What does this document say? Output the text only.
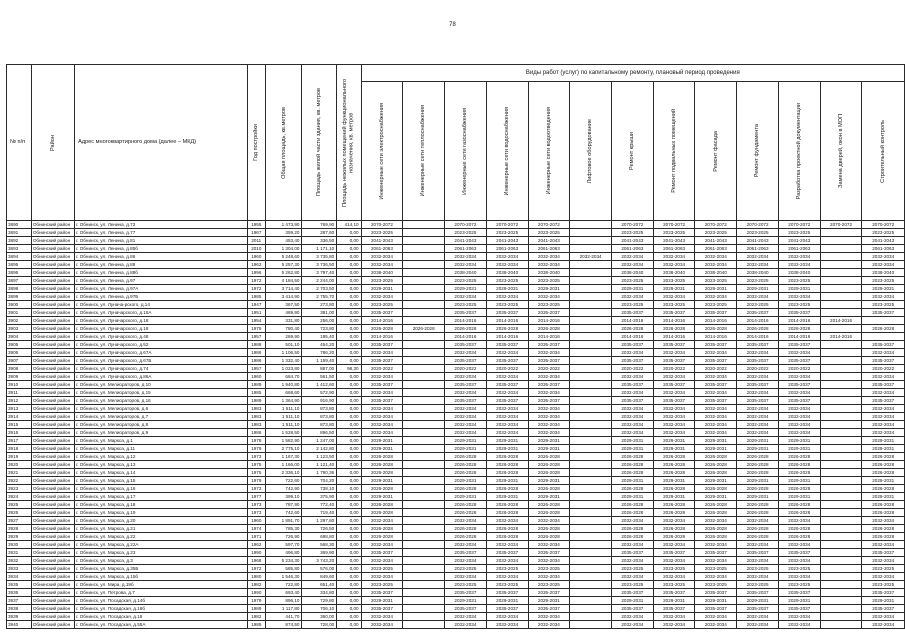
78
№ п/п	Район	Адрес многоквартирного дома (далее – МКД)	Год постройки	Общая площадь, кв.метров	Площадь жилой части здания, кв. метров	Площадь нежилых помещений функционального назначения, кв. метров	Виды работ (услуг) по капитальному ремонту, плановый период проведения												

							Инженерные сети электроснабжения	Инженерные сети теплоснабжения	Инженерные сети газоснабжения	Инженерные сети водоснабжения	Инженерные сети водоотведения	Лифтовое оборудование	Ремонт крыши	Ремонт подвальных помещений	Ремонт фасада	Ремонт фундамента	Разработка проектной документации	Замена дверей, окон в МОП	Строительный контроль

3890	Обнинский район	г. Обнинск, ул. Ленина, д.73	1955	1 473,90	769,90	414,10	2070-2072		2070-2072	2070-2072	2070-2072		2070-2072	2070-2072	2070-2072	2070-2072	2070-2072	2070-2072	2070-2072
3891	Обнинский район	г. Обнинск, ул. Ленина, д.77	1967	359,20	287,60	0,00	2023-2025		2023-2025	2023-2025	2023-2025		2023-2025	2023-2025	2023-2025	2023-2025	2023-2025		2023-2025
3892	Обнинский район	г. Обнинск, ул. Ленина, д.81	2011	453,40	336,50	0,00	2041-2043		2041-2043	2041-2043	2041-2043		2041-2043	2041-2043	2041-2043	2041-2043	2041-2043		2041-2043
3893	Обнинский район	г. Обнинск, ул. Ленина, д.85б	2010	1 304,00	1 171,10	0,00	2061-2063		2061-2063	2061-2063	2061-2063		2061-2063	2061-2063	2061-2063	2061-2063	2061-2063		2061-2063
3894	Обнинский район	г. Обнинск, ул. Ленина, д.86	1960	5 248,60	3 735,80	0,00	2032-2034		2032-2034	2032-2034	2032-2034	2032-2034	2032-2034	2032-2034	2032-2034	2032-2034	2032-2034		2032-2034
3895	Обнинский район	г. Обнинск, ул. Ленина, д.88	1962	5 257,30	3 736,50	0,00	2032-2034		2032-2034	2032-2034	2032-2034		2032-2034	2032-2034	2032-2034	2032-2034	2032-2034		2032-2034
3896	Обнинский район	г. Обнинск, ул. Ленина, д.88б	1996	5 262,80	3 797,40	0,00	2038-2040		2038-2040	2038-2040	2038-2040		2038-2040	2038-2040	2038-2040	2038-2040	2038-2040		2038-2040
3897	Обнинский район	г. Обнинск, ул. Ленина, д.97	1972	4 184,50	2 244,00	0,00	2023-2025		2023-2025	2023-2025	2023-2025		2023-2025	2023-2025	2023-2025	2023-2025	2023-2025		2023-2025
3898	Обнинский район	г. Обнинск, ул. Ленина, д.97А	1972	3 714,40	2 703,50	0,00	2029-2031		2029-2031	2029-2031	2029-2031		2029-2031	2029-2031	2029-2031	2029-2031	2029-2031		2029-2031
3899	Обнинский район	г. Обнинск, ул. Ленина, д.97Б	1985	3 414,90	2 755,70	0,00	2032-2034		2032-2034	2032-2034	2032-2034		2032-2034	2032-2034	2032-2034	2032-2034	2032-2034		2032-2034
3900	Обнинский район	г. Обнинск, ул. Лунача-рского, д.14	1947	367,50	273,80	0,00	2023-2025		2023-2025	2023-2025	2023-2025		2023-2025	2023-2025	2023-2025	2023-2025	2023-2025		2023-2025
3901	Обнинский район	г. Обнинск, ул. Луначарского, д.15А	1951	469,90	381,00	0,00	2035-2037		2035-2037	2035-2037	2035-2037		2035-2037	2035-2037	2035-2037	2035-2037	2035-2037		2035-2037
3902	Обнинский район	г. Обнинск, ул. Луначарского, д.18	1954	331,80	256,00	0,00	2014-2016		2014-2016	2014-2016	2014-2016		2014-2016	2014-2016	2014-2016	2014-2016	2014-2016	2014-2016	
3903	Обнинский район	г. Обнинск, ул. Луначарского, д.18	1975	780,40	723,80	0,00	2026-2028	2026-2028	2026-2028	2026-2028	2026-2028		2026-2028	2026-2028	2026-2028	2026-2028	2026-2028		2026-2028
3904	Обнинский район	г. Обнинск, ул. Луначарского, д.48	1957	269,90	195,40	0,00	2014-2016		2014-2016	2014-2016	2014-2016		2014-2016	2014-2016	2014-2016	2014-2016	2014-2016	2014-2016	
3905	Обнинский район	г. Обнинск, ул. Луначарского, д.52	1988	501,10	454,20	0,00	2035-2037		2035-2037	2035-2037	2035-2037		2035-2037	2035-2037	2035-2037	2035-2037	2035-2037		2035-2037
3906	Обнинский район	г. Обнинск, ул. Луначарского, д.67А	1986	1 106,50	786,20	0,00	2032-2034		2032-2034	2032-2034	2032-2034		2032-2034	2032-2034	2032-2034	2032-2034	2032-2034		2032-2034
3907	Обнинский район	г. Обнинск, ул. Луначарского, д.67Б	1986	1 332,40	1 159,40	0,00	2035-2037		2035-2037	2035-2037	2035-2037		2035-2037	2035-2037	2035-2037	2035-2037	2035-2037		2035-2037
3908	Обнинский район	г. Обнинск, ул. Луначарского, д.74	1957	1 023,80	887,00	98,30	2020-2022		2020-2022	2020-2022	2020-2022		2020-2022	2020-2022	2020-2022	2020-2022	2020-2022		2020-2022
3909	Обнинский район	г. Обнинск, ул. Луначарского, д.86А	1960	684,70	561,50	0,00	2032-2034		2032-2034	2032-2034	2032-2034		2032-2034	2032-2034	2032-2034	2032-2034	2032-2034		2032-2034
3910	Обнинский район	г. Обнинск, ул. Мелиораторов, д.10	1989	1 940,80	1 412,60	0,00	2035-2037		2035-2037	2035-2037	2035-2037		2035-2037	2035-2037	2035-2037	2035-2037	2035-2037		2035-2037
3911	Обнинский район	г. Обнинск, ул. Мелиораторов, д.15	1985	668,60	572,90	0,00	2032-2034		2032-2034	2032-2034	2032-2034		2032-2034	2032-2034	2032-2034	2032-2034	2032-2034		2032-2034
3912	Обнинский район	г. Обнинск, ул. Мелиораторов, д.16	1989	1 364,90	916,90	0,00	2035-2037		2035-2037	2035-2037	2035-2037		2035-2037	2035-2037	2035-2037	2035-2037	2035-2037		2035-2037
3913	Обнинский район	г. Обнинск, ул. Мелиораторов, д.6	1983	1 511,10	873,80	0,00	2032-2034		2032-2034	2032-2034	2032-2034		2032-2034	2032-2034	2032-2034	2032-2034	2032-2034		2032-2034
3914	Обнинский район	г. Обнинск, ул. Мелиораторов, д.7	1983	1 511,10	873,80	0,00	2032-2034		2032-2034	2032-2034	2032-2034		2032-2034	2032-2034	2032-2034	2032-2034	2032-2034		2032-2034
3915	Обнинский район	г. Обнинск, ул. Мелиораторов, д.8	1983	1 511,10	873,80	0,00	2032-2034		2032-2034	2032-2034	2032-2034		2032-2034	2032-2034	2032-2034	2032-2034	2032-2034		2032-2034
3916	Обнинский район	г. Обнинск, ул. Мелиораторов, д.9	1986	1 528,50	896,50	0,00	2032-2034		2032-2034	2032-2034	2032-2034		2032-2034	2032-2034	2032-2034	2032-2034	2032-2034		2032-2034
3917	Обнинский район	г. Обнинск, ул. Маркса, д.1	1978	1 582,90	1 247,00	0,00	2029-2031		2029-2031	2029-2031	2029-2031		2029-2031	2029-2031	2029-2031	2029-2031	2029-2031		2029-2031
3918	Обнинский район	г. Обнинск, ул. Маркса, д.11	1979	2 775,10	2 142,80	0,00	2029-2031		2029-2031	2029-2031	2029-2031		2029-2031	2029-2031	2029-2031	2029-2031	2029-2031		2029-2031
3919	Обнинский район	г. Обнинск, ул. Маркса, д.12	1973	1 167,30	1 123,50	0,00	2026-2028		2026-2028	2026-2028	2026-2028		2026-2028	2026-2028	2026-2028	2026-2028	2026-2028		2026-2028
3920	Обнинский район	г. Обнинск, ул. Маркса, д.13	1975	1 166,00	1 121,40	0,00	2026-2028		2026-2028	2026-2028	2026-2028		2026-2028	2026-2028	2026-2028	2026-2028	2026-2028		2026-2028
3921	Обнинский район	г. Обнинск, ул. Маркса, д.14	1975	2 336,10	1 790,36	0,00	2026-2028		2026-2028	2026-2028	2026-2028		2026-2028	2026-2028	2026-2028	2026-2028	2026-2028		2026-2028
3922	Обнинский район	г. Обнинск, ул. Маркса, д.15	1979	722,60	704,20	0,00	2029-2031		2029-2031	2029-2031	2029-2031		2029-2031	2029-2031	2029-2031	2029-2031	2029-2031		2029-2031
3923	Обнинский район	г. Обнинск, ул. Маркса, д.16	1973	742,90	738,10	0,00	2026-2028		2026-2028	2026-2028	2026-2028		2026-2028	2026-2028	2026-2028	2026-2028	2026-2028		2026-2028
3924	Обнинский район	г. Обнинск, ул. Маркса, д.17	1977	399,10	375,90	0,00	2029-2031		2029-2031	2029-2031	2029-2031		2029-2031	2029-2031	2029-2031	2029-2031	2029-2031		2029-2031
3925	Обнинский район	г. Обнинск, ул. Маркса, д.18	1973	787,90	772,40	0,00	2026-2028		2026-2028	2026-2028	2026-2028		2026-2028	2026-2028	2026-2028	2026-2028	2026-2028		2026-2028
3926	Обнинский район	г. Обнинск, ул. Маркса, д.19	1973	742,60	719,40	0,00	2026-2028		2026-2028	2026-2028	2026-2028		2026-2028	2026-2028	2026-2028	2026-2028	2026-2028		2026-2028
3927	Обнинский район	г. Обнинск, ул. Маркса, д.20	1960	1 891,70	1 297,60	0,00	2032-2034		2032-2034	2032-2034	2032-2034		2032-2034	2032-2034	2032-2034	2032-2034	2032-2034		2032-2034
3928	Обнинский район	г. Обнинск, ул. Маркса, д.21	1974	785,30	726,50	0,00	2026-2028		2026-2028	2026-2028	2026-2028		2026-2028	2026-2028	2026-2028	2026-2028	2026-2028		2026-2028
3929	Обнинский район	г. Обнинск, ул. Маркса, д.22	1971	726,90	688,80	0,00	2026-2028		2026-2028	2026-2028	2026-2028		2026-2028	2026-2028	2026-2028	2026-2028	2026-2028		2026-2028
3930	Обнинский район	г. Обнинск, ул. Маркса, д.22А	1962	597,70	568,30	0,00	2032-2034		2032-2034	2032-2034	2032-2034		2032-2034	2032-2034	2032-2034	2032-2034	2032-2034		2032-2034
3931	Обнинский район	г. Обнинск, ул. Маркса, д.23	1990	496,80	369,90	0,00	2035-2037		2035-2037	2035-2037	2035-2037		2035-2037	2035-2037	2035-2037	2035-2037	2035-2037		2035-2037
3932	Обнинский район	г. Обнинск, ул. Маркса, д.3	1968	5 234,30	3 743,20	0,00	2032-2034		2032-2034	2032-2034	2032-2034		2032-2034	2032-2034	2032-2034	2032-2034	2032-2034		2032-2034
3933	Обнинский район	г. Обнинск, ул. Маркса, д.35Б	1972	585,80	576,00	0,00	2023-2025		2023-2025	2023-2025	2023-2025		2023-2025	2023-2025	2023-2025	2023-2025	2023-2025		2023-2025
3934	Обнинский район	г. Обнинск, ул. Маркса, д.15б	1980	1 546,30	849,60	0,00	2032-2034		2032-2034	2032-2034	2032-2034		2032-2034	2032-2034	2032-2034	2032-2034	2032-2034		2032-2034
3935	Обнинский район	г. Обнинск, ул. Мира, д.19б	1982	722,80	651,40	0,00	2023-2025		2023-2025	2023-2025	2023-2025		2023-2025	2023-2025	2023-2025	2023-2025	2023-2025		2023-2025
3936	Обнинский район	г. Обнинск, ул. Петрова, д.7	1990	693,40	334,80	0,00	2035-2037		2035-2037	2035-2037	2035-2037		2035-2037	2035-2037	2035-2037	2035-2037	2035-2037		2035-2037
3937	Обнинский район	г. Обнинск, ул. Посадская, д.14б	1979	896,10	729,80	0,00	2029-2031		2029-2031	2029-2031	2029-2031		2029-2031	2029-2031	2029-2031	2029-2031	2029-2031		2029-2031
3938	Обнинский район	г. Обнинск, ул. Посадская, д.16б	1989	1 117,80	706,10	0,00	2035-2037		2035-2037	2035-2037	2035-2037		2035-2037	2035-2037	2035-2037	2035-2037	2035-2037		2035-2037
3939	Обнинский район	г. Обнинск, ул. Посадская, д.18	1982	441,70	360,00	0,00	2032-2034		2032-2034	2032-2034	2032-2034		2032-2034	2032-2034	2032-2034	2032-2034	2032-2034		2032-2034
3940	Обнинский район	г. Обнинск, ул. Посадская, д.55А	1989	874,50	728,00	0,00	2032-2034		2032-2034	2032-2034	2032-2034		2032-2034	2032-2034	2032-2034	2032-2034	2032-2034		2032-2034
